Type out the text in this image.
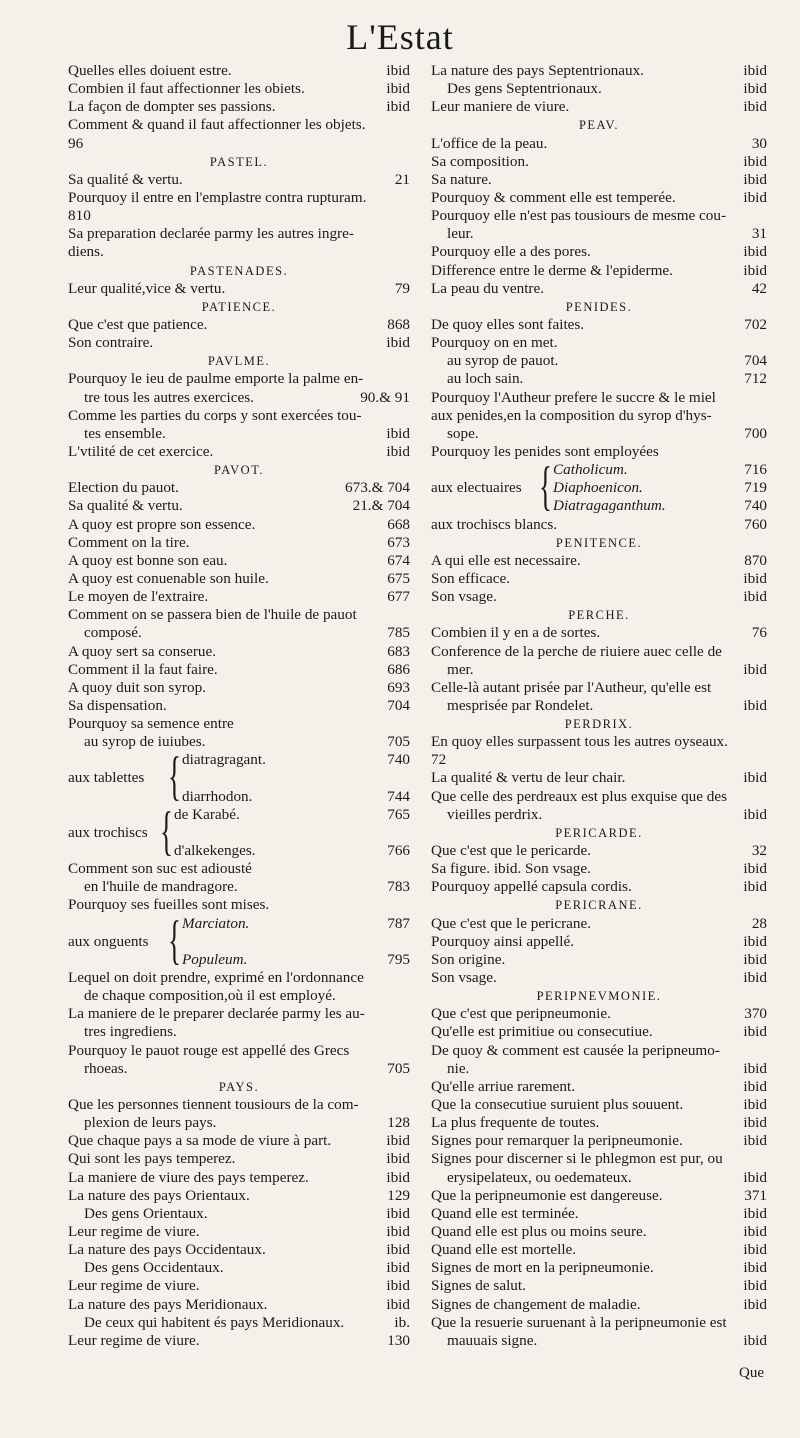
L'Estat
Quelles elles doiuent estre.	ibid
Combien il faut affectionner les obiets.	ibid
La façon de dompter ses passions.	ibid
Comment & quand il faut affectionner les objets.
96
PASTEL.
Sa qualité & vertu.	21
Pourquoy il entre en l'emplastre contra rupturam.
810
Sa preparation declarée parmy les autres ingre-
diens.
PASTENADES.
Leur qualité,vice & vertu.	79
PATIENCE.
Que c'est que patience.	868
Son contraire.	ibid
PAVLME.
Pourquoy le ieu de paulme emporte la palme en-
tre tous les autres exercices.	90.& 91
Comme les parties du corps y sont exercées tou-
tes ensemble.	ibid
L'vtilité de cet exercice.	ibid
PAVOT.
Election du pauot.	673.& 704
Sa qualité & vertu.	21.& 704
A quoy est propre son essence.	668
Comment on la tire.	673
A quoy est bonne son eau.	674
A quoy est conuenable son huile.	675
Le moyen de l'extraire.	677
Comment on se passera bien de l'huile de pauot
composé.	785
A quoy sert sa conserue.	683
Comment il la faut faire.	686
A quoy duit son syrop.	693
Sa dispensation.	704
Pourquoy sa semence entre
au syrop de iuiubes.	705
aux tablettes { diatragragant.	740
diarrhodon.	744
aux trochiscs { de Karabé.	765
d'alkekenges.	766
Comment son suc est adiousté
en l'huile de mandragore.	783
Pourquoy ses fueilles sont mises.
aux onguents { Marciaton.	787
Populeum.	795
Lequel on doit prendre, exprimé en l'ordonnance
de chaque composition,où il est employé.
La maniere de le preparer declarée parmy les au-
tres ingrediens.
Pourquoy le pauot rouge est appellé des Grecs
rhoeas.	705
PAYS.
Que les personnes tiennent tousiours de la com-
plexion de leurs pays.	128
Que chaque pays a sa mode de viure à part.	ibid
Qui sont les pays temperez.	ibid
La maniere de viure des pays temperez.	ibid
La nature des pays Orientaux.	129
Des gens Orientaux.	ibid
Leur regime de viure.	ibid
La nature des pays Occidentaux.	ibid
Des gens Occidentaux.	ibid
Leur regime de viure.	ibid
La nature des pays Meridionaux.	ibid
De ceux qui habitent és pays Meridionaux.	ib.
Leur regime de viure.	130
La nature des pays Septentrionaux.	ibid
Des gens Septentrionaux.	ibid
Leur maniere de viure.	ibid
PEAV.
L'office de la peau.	30
Sa composition.	ibid
Sa nature.	ibid
Pourquoy & comment elle est temperée.	ibid
Pourquoy elle n'est pas tousiours de mesme cou-
leur.	31
Pourquoy elle a des pores.	ibid
Difference entre le derme & l'epiderme.	ibid
La peau du ventre.	42
PENIDES.
De quoy elles sont faites.	702
Pourquoy on en met.
au syrop de pauot.	704
au loch sain.	712
Pourquoy l'Autheur prefere le succre & le miel
aux penides,en la composition du syrop d'hys-
sope.	700
Pourquoy les penides sont employées
aux electuaires { Catholicum.	716
Diaphoenicon.	719
Diatragaganthum.	740
aux trochiscs blancs.	760
PENITENCE.
A qui elle est necessaire.	870
Son efficace.	ibid
Son vsage.	ibid
PERCHE.
Combien il y en a de sortes.	76
Conference de la perche de riuiere auec celle de
mer.	ibid
Celle-là autant prisée par l'Autheur, qu'elle est
mesprisée par Rondelet.	ibid
PERDRIX.
En quoy elles surpassent tous les autres oyseaux.
72
La qualité & vertu de leur chair.	ibid
Que celle des perdreaux est plus exquise que des
vieilles perdrix.	ibid
PERICARDE.
Que c'est que le pericarde.	32
Sa figure. ibid. Son vsage.	ibid
Pourquoy appellé capsula cordis.	ibid
PERICRANE.
Que c'est que le pericrane.	28
Pourquoy ainsi appellé.	ibid
Son origine.	ibid
Son vsage.	ibid
PERIPNEVMONIE.
Que c'est que peripneumonie.	370
Qu'elle est primitiue ou consecutiue.	ibid
De quoy & comment est causée la peripneumo-
nie.	ibid
Qu'elle arriue rarement.	ibid
Que la consecutiue suruient plus souuent.	ibid
La plus frequente de toutes.	ibid
Signes pour remarquer la peripneumonie.	ibid
Signes pour discerner si le phlegmon est pur, ou
erysipelateux, ou oedemateux.	ibid
Que la peripneumonie est dangereuse.	371
Quand elle est terminée.	ibid
Quand elle est plus ou moins seure.	ibid
Quand elle est mortelle.	ibid
Signes de mort en la peripneumonie.	ibid
Signes de salut.	ibid
Signes de changement de maladie.	ibid
Que la resuerie suruenant à la peripneumonie est
mauuais signe.	ibid
Que
